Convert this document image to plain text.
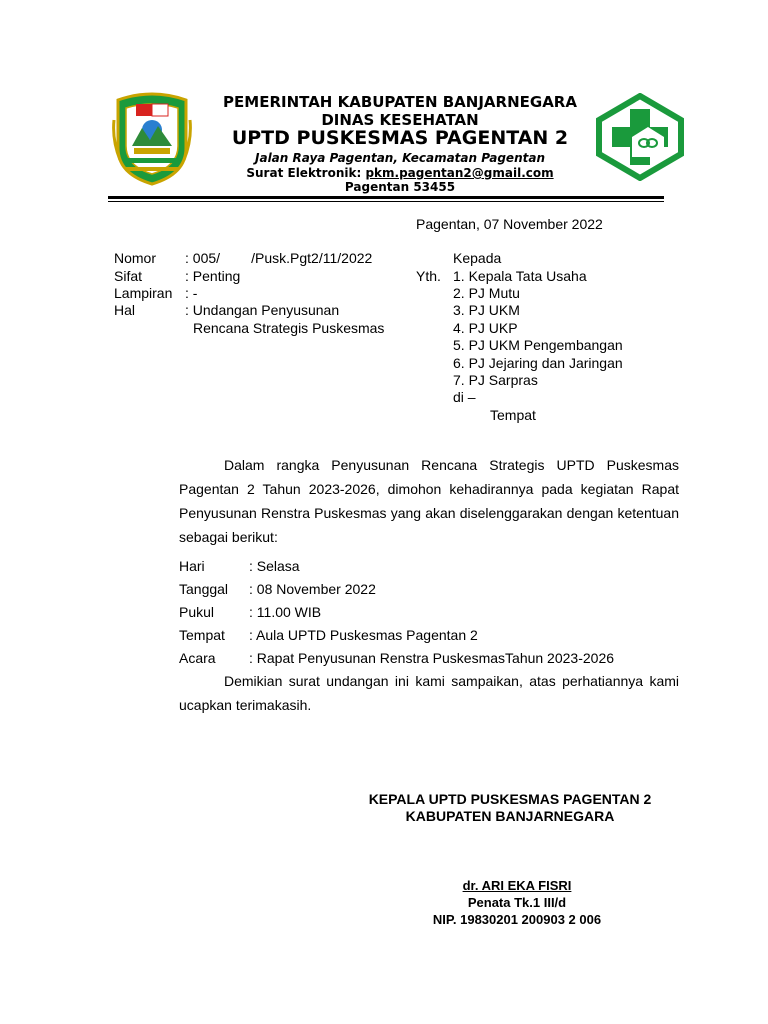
PEMERINTAH KABUPATEN BANJARNEGARA
DINAS KESEHATAN
UPTD PUSKESMAS PAGENTAN 2
Jalan Raya Pagentan, Kecamatan Pagentan
Surat Elektronik: pkm.pagentan2@gmail.com
Pagentan 53455
Pagentan, 07 November 2022
Nomor : 005/        /Pusk.Pgt2/11/2022
Sifat	: Penting
Lampiran : -
Hal	: Undangan Penyusunan
Rencana Strategis Puskesmas
Kepada
Yth. 1. Kepala Tata Usaha
2. PJ Mutu
3. PJ UKM
4. PJ UKP
5. PJ UKM Pengembangan
6. PJ Jejaring dan Jaringan
7. PJ Sarpras
di –
Tempat
Dalam rangka Penyusunan Rencana Strategis UPTD Puskesmas Pagentan 2 Tahun 2023-2026, dimohon kehadirannya pada kegiatan Rapat Penyusunan Renstra Puskesmas yang akan diselenggarakan dengan ketentuan sebagai berikut:
Hari	: Selasa
Tanggal : 08 November 2022
Pukul : 11.00 WIB
Tempat : Aula UPTD Puskesmas Pagentan 2
Acara : Rapat Penyusunan Renstra PuskesmasTahun 2023-2026
Demikian surat undangan ini kami sampaikan, atas perhatiannya kami ucapkan terimakasih.
KEPALA UPTD PUSKESMAS PAGENTAN 2
KABUPATEN BANJARNEGARA
dr. ARI EKA FISRI
Penata Tk.1 III/d
NIP. 19830201 200903 2 006
